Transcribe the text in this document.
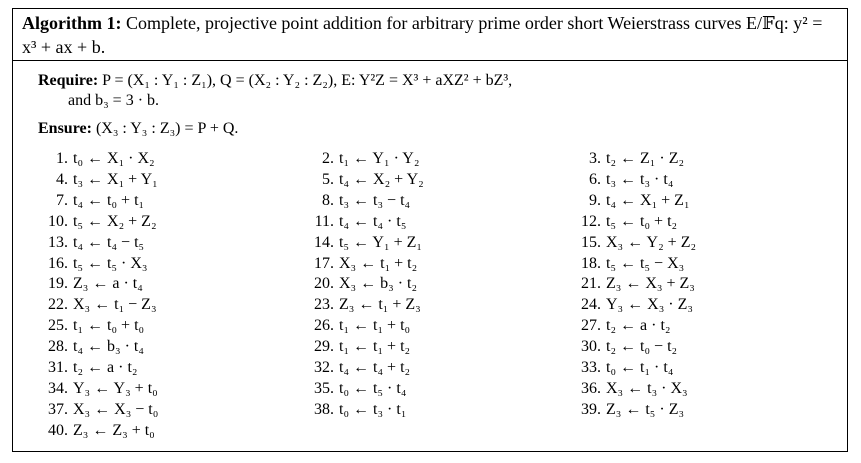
Algorithm 1: Complete, projective point addition for arbitrary prime order short Weierstrass curves E/𝔽q: y² = x³ + ax + b.
Require: P = (X₁ : Y₁ : Z₁), Q = (X₂ : Y₂ : Z₂), E: Y²Z = X³ + aXZ² + bZ³,
and b₃ = 3 · b.
Ensure: (X₃ : Y₃ : Z₃) = P + Q.
1. t₀ ← X₁ · X₂	2. t₁ ← Y₁ · Y₂	3. t₂ ← Z₁ · Z₂
4. t₃ ← X₁ + Y₁	5. t₄ ← X₂ + Y₂	6. t₃ ← t₃ · t₄
7. t₄ ← t₀ + t₁	8. t₃ ← t₃ − t₄	9. t₄ ← X₁ + Z₁
10. t₅ ← X₂ + Z₂	11. t₄ ← t₄ · t₅	12. t₅ ← t₀ + t₂
13. t₄ ← t₄ − t₅	14. t₅ ← Y₁ + Z₁	15. X₃ ← Y₂ + Z₂
16. t₅ ← t₅ · X₃	17. X₃ ← t₁ + t₂	18. t₅ ← t₅ − X₃
19. Z₃ ← a · t₄	20. X₃ ← b₃ · t₂	21. Z₃ ← X₃ + Z₃
22. X₃ ← t₁ − Z₃	23. Z₃ ← t₁ + Z₃	24. Y₃ ← X₃ · Z₃
25. t₁ ← t₀ + t₀	26. t₁ ← t₁ + t₀	27. t₂ ← a · t₂
28. t₄ ← b₃ · t₄	29. t₁ ← t₁ + t₂	30. t₂ ← t₀ − t₂
31. t₂ ← a · t₂	32. t₄ ← t₄ + t₂	33. t₀ ← t₁ · t₄
34. Y₃ ← Y₃ + t₀	35. t₀ ← t₅ · t₄	36. X₃ ← t₃ · X₃
37. X₃ ← X₃ − t₀	38. t₀ ← t₃ · t₁	39. Z₃ ← t₅ · Z₃
40. Z₃ ← Z₃ + t₀
